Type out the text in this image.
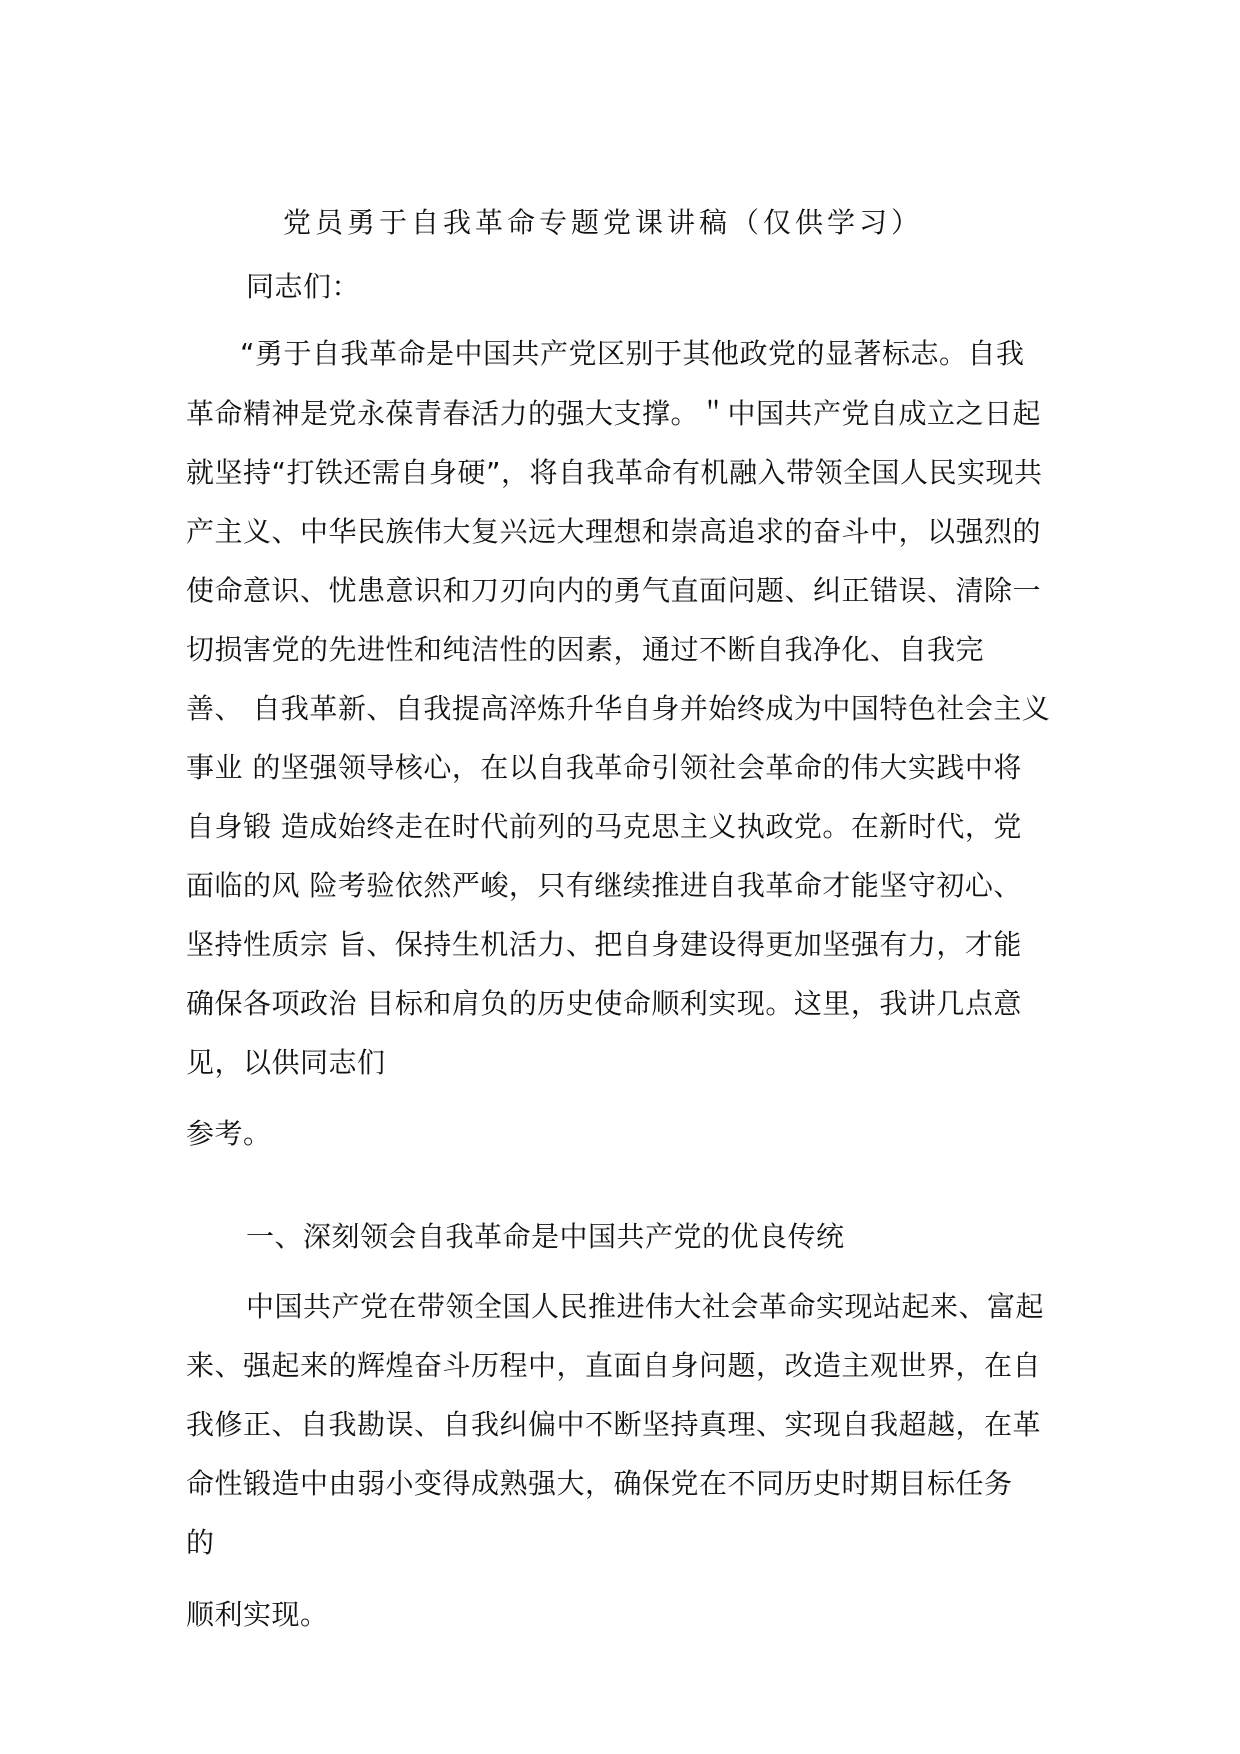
党员勇于自我革命专题党课讲稿（仅供学习）
同志们：
“勇于自我革命是中国共产党区别于其他政党的显著标志。自我
革命精神是党永葆青春活力的强大支撑。＂中国共产党自成立之日起
就坚持“打铁还需自身硬”，将自我革命有机融入带领全国人民实现共
产主义、中华民族伟大复兴远大理想和崇高追求的奋斗中，以强烈的
使命意识、忧患意识和刀刃向内的勇气直面问题、纠正错误、清除一
切损害党的先进性和纯洁性的因素，通过不断自我净化、自我完
善、 自我革新、自我提高淬炼升华自身并始终成为中国特色社会主义
事业 的坚强领导核心，在以自我革命引领社会革命的伟大实践中将
自身锻 造成始终走在时代前列的马克思主义执政党。在新时代，党
面临的风 险考验依然严峻，只有继续推进自我革命才能坚守初心、
坚持性质宗 旨、保持生机活力、把自身建设得更加坚强有力，才能
确保各项政治 目标和肩负的历史使命顺利实现。这里，我讲几点意
见，以供同志们
参考。
一、深刻领会自我革命是中国共产党的优良传统
中国共产党在带领全国人民推进伟大社会革命实现站起来、富起
来、强起来的辉煌奋斗历程中，直面自身问题，改造主观世界，在自
我修正、自我勘误、自我纠偏中不断坚持真理、实现自我超越，在革
命性锻造中由弱小变得成熟强大，确保党在不同历史时期目标任务
的
顺利实现。
